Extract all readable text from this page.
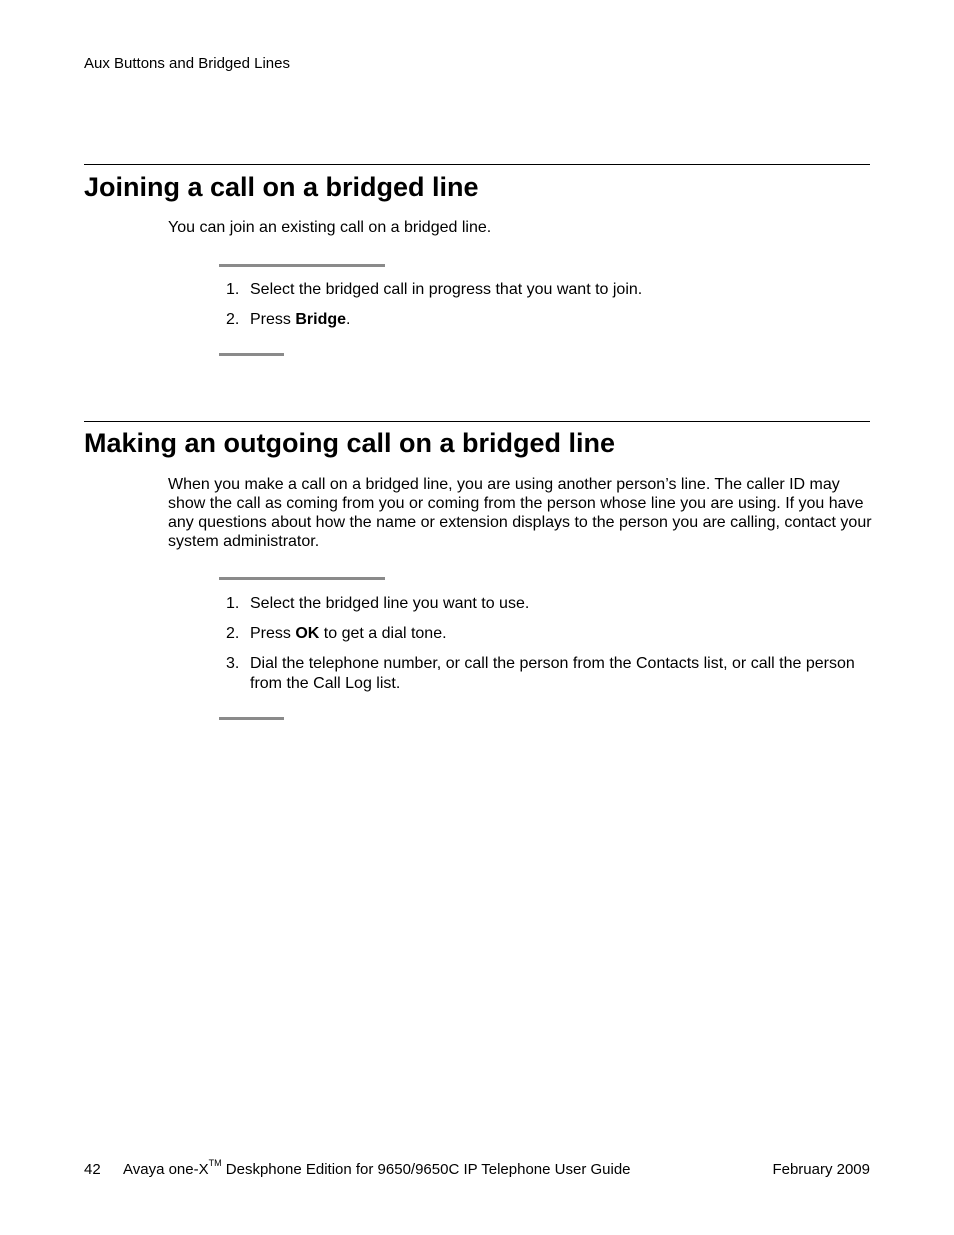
Aux Buttons and Bridged Lines
Joining a call on a bridged line

You can join an existing call on a bridged line.

1. Select the bridged call in progress that you want to join.
2. Press Bridge.
Making an outgoing call on a bridged line

When you make a call on a bridged line, you are using another person’s line. The caller ID may show the call as coming from you or coming from the person whose line you are using. If you have any questions about how the name or extension displays to the person you are calling, contact your system administrator.

1. Select the bridged line you want to use.
2. Press OK to get a dial tone.
3. Dial the telephone number, or call the person from the Contacts list, or call the person from the Call Log list.
42 Avaya one-X™ Deskphone Edition for 9650/9650C IP Telephone User Guide	February 2009
